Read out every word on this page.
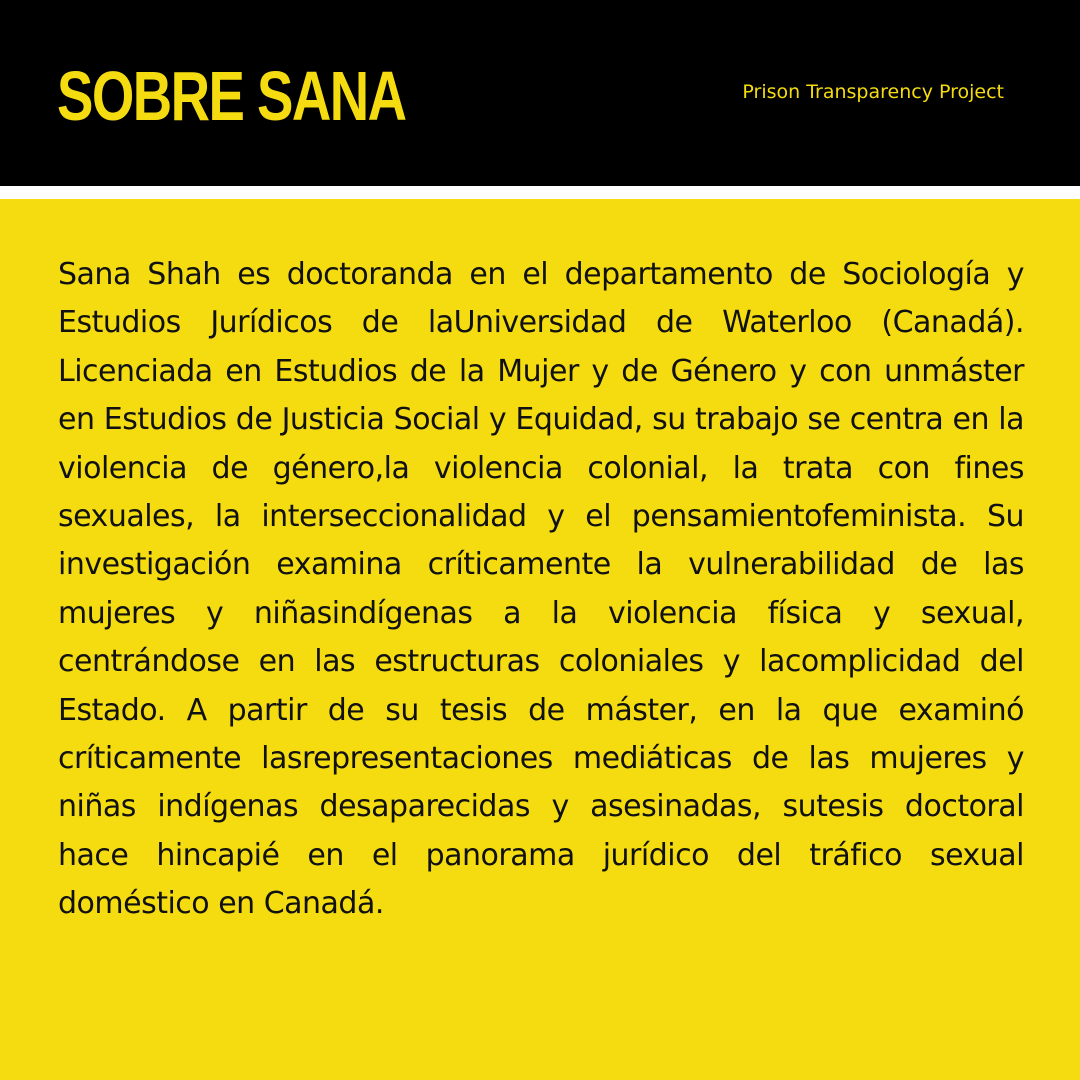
SOBRE SANA	Prison Transparency Project

Sana Shah es doctoranda en el departamento de Sociología y Estudios Jurídicos de laUniversidad de Waterloo (Canadá). Licenciada en Estudios de la Mujer y de Género y con unmáster en Estudios de Justicia Social y Equidad, su trabajo se centra en la violencia de género,la violencia colonial, la trata con fines sexuales, la interseccionalidad y el pensamientofeminista. Su investigación examina críticamente la vulnerabilidad de las mujeres y niñasindígenas a la violencia física y sexual, centrándose en las estructuras coloniales y lacomplicidad del Estado. A partir de su tesis de máster, en la que examinó críticamente lasrepresentaciones mediáticas de las mujeres y niñas indígenas desaparecidas y asesinadas, sutesis doctoral hace hincapié en el panorama jurídico del tráfico sexual doméstico en Canadá.
